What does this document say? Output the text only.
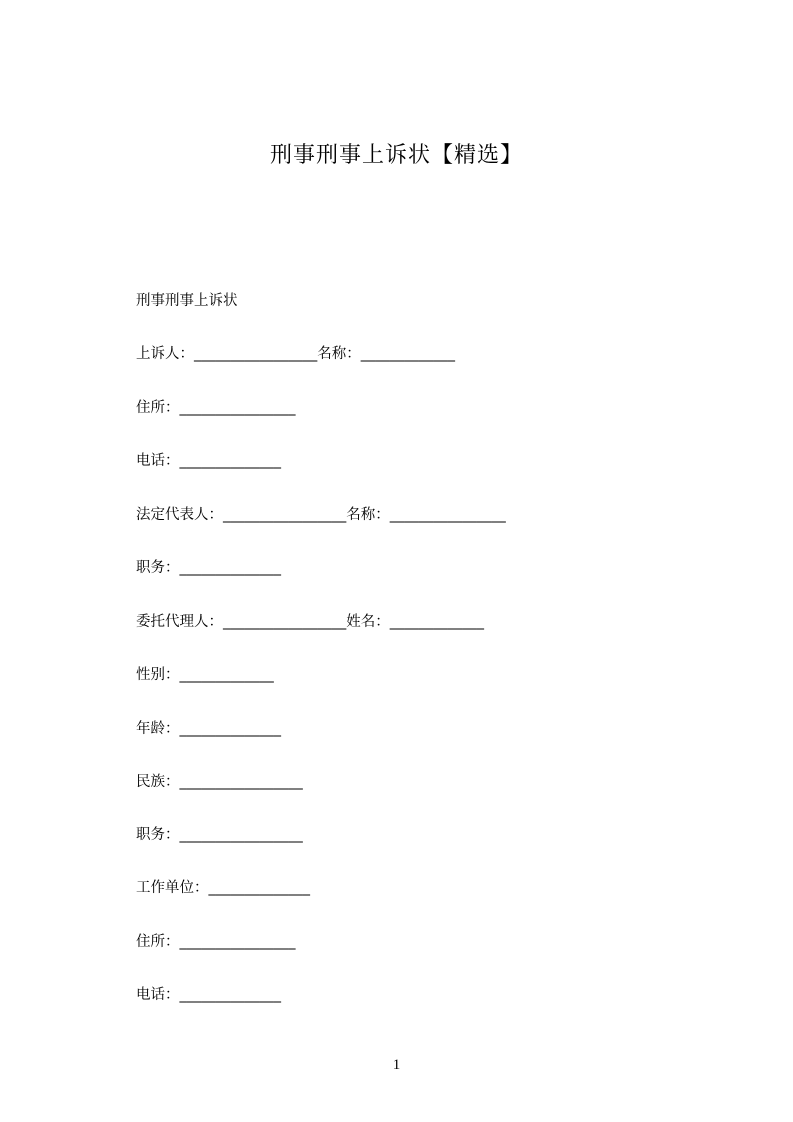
刑事刑事上诉状【精选】
刑事刑事上诉状
上诉人：_________________名称：_____________
住所：________________
电话：______________
法定代表人：_________________名称：________________
职务：______________
委托代理人：_________________姓名：_____________
性别：_____________
年龄：______________
民族：_________________
职务：_________________
工作单位：______________
住所：________________
电话：______________
1
